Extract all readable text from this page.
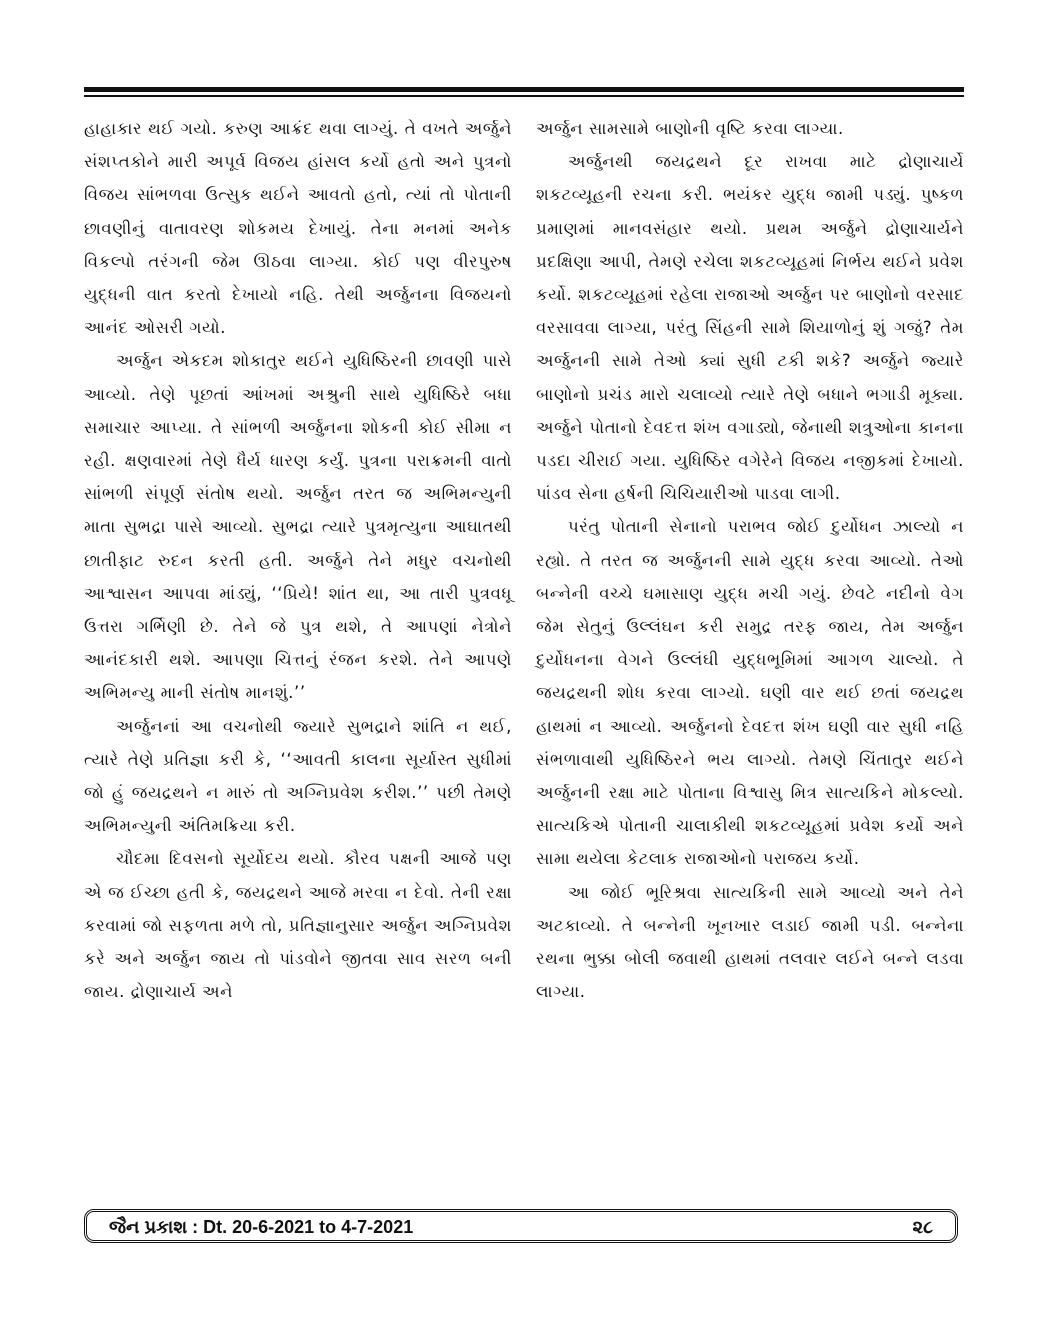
હાહાકાર થઈ ગયો. કરુણ આક્રંદ થવા લાગ્યું. તે વખતે અર્જુને સંશપ્તકોને મારી અપૂર્વ વિજય હાંસલ કર્યો હતો અને પુત્રનો વિજય સાંભળવા ઉત્સુક થઈને આવતો હતો, ત્યાં તો પોતાની છાવણીનું વાતાવરણ શોકમય દેખાયું. તેના મનમાં અનેક વિકલ્પો તરંગની જેમ ઊઠવા લાગ્યા. કોઈ પણ વીરપુરુષ યુદ્ધની વાત કરતો દેખાયો નહિ. તેથી અર્જુનના વિજયનો આનંદ ઓસરી ગયો.

અર્જુન એકદમ શોકાતુર થઈને યુધિષ્ઠિરની છાવણી પાસે આવ્યો. તેણે પૂછતાં આંખમાં અશ્રુની સાથે યુધિષ્ઠિરે બધા સમાચાર આપ્યા. તે સાંભળી અર્જુનના શોકની કોઈ સીમા ન રહી. ક્ષણવારમાં તેણે ધૈર્ય ધારણ કર્યું. પુત્રના પરાક્રમની વાતો સાંભળી સંપૂર્ણ સંતોષ થયો. અર્જુન તરત જ અભિમન્યુની માતા સુભદ્રા પાસે આવ્યો. સુભદ્રા ત્યારે પુત્રમૃત્યુના આઘાતથી છાતીફાટ રુદન કરતી હતી. અર્જુને તેને મધુર વચનોથી આશ્વાસન આપવા માંડ્યું, ‘‘પ્રિયે! શાંત થા, આ તારી પુત્રવધૂ ઉત્તરા ગર્ભિણી છે. તેને જે પુત્ર થશે, તે આપણાં નેત્રોને આનંદકારી થશે. આપણા ચિત્તનું રંજન કરશે. તેને આપણે અભિમન્યુ માની સંતોષ માનશું.’’

અર્જુનનાં આ વચનોથી જ્યારે સુભદ્રાને શાંતિ ન થઈ, ત્યારે તેણે પ્રતિજ્ઞા કરી કે, ‘‘આવતી કાલના સૂર્યાસ્ત સુધીમાં જો હું જયદ્રથને ન મારું તો અગ્નિપ્રવેશ કરીશ.’’ પછી તેમણે અભિમન્યુની અંતિમક્રિયા કરી.

ચૌદમા દિવસનો સૂર્યોદય થયો. કૌરવ પક્ષની આજે પણ એ જ ઈચ્છા હતી કે, જયદ્રથને આજે મરવા ન દેવો. તેની રક્ષા કરવામાં જો સફળતા મળે તો, પ્રતિજ્ઞાનુસાર અર્જુન અગ્નિપ્રવેશ કરે અને અર્જુન જાય તો પાંડવોને જીતવા સાવ સરળ બની જાય. દ્રોણાચાર્ય અને

અર્જુન સામસામે બાણોની વૃષ્ટિ કરવા લાગ્યા.

અર્જુનથી જયદ્રથને દૂર રાખવા માટે દ્રોણાચાર્યે શકટવ્યૂહની રચના કરી. ભયંકર યુદ્ધ જામી પડ્યું. પુષ્કળ પ્રમાણમાં માનવસંહાર થયો. પ્રથમ અર્જુને દ્રોણાચાર્યને પ્રદક્ષિણા આપી, તેમણે રચેલા શકટવ્યૂહમાં નિર્ભય થઈને પ્રવેશ કર્યો. શકટવ્યૂહમાં રહેલા રાજાઓ અર્જુન પર બાણોનો વરસાદ વરસાવવા લાગ્યા, પરંતુ સિંહની સામે શિયાળોનું શું ગજું? તેમ અર્જુનની સામે તેઓ ક્યાં સુધી ટકી શકે? અર્જુને જ્યારે બાણોનો પ્રચંડ મારો ચલાવ્યો ત્યારે તેણે બધાને ભગાડી મૂક્યા. અર્જુને પોતાનો દેવદત્ત શંખ વગાડ્યો, જેનાથી શત્રુઓના કાનના પડદા ચીરાઈ ગયા. યુધિષ્ઠિર વગેરેને વિજય નજીકમાં દેખાયો. પાંડવ સેના હર્ષની ચિચિયારીઓ પાડવા લાગી.

પરંતુ પોતાની સેનાનો પરાભવ જોઈ દુર્યોધન ઝાલ્યો ન રહ્યો. તે તરત જ અર્જુનની સામે યુદ્ધ કરવા આવ્યો. તેઓ બન્નેની વચ્ચે ઘમાસાણ યુદ્ધ મચી ગયું. છેવટે નદીનો વેગ જેમ સેતુનું ઉલ્લંઘન કરી સમુદ્ર તરફ જાય, તેમ અર્જુન દુર્યોધનના વેગને ઉલ્લંઘી યુદ્ધભૂમિમાં આગળ ચાલ્યો. તે જયદ્રથની શોધ કરવા લાગ્યો. ઘણી વાર થઈ છતાં જયદ્રથ હાથમાં ન આવ્યો. અર્જુનનો દેવદત્ત શંખ ઘણી વાર સુધી નહિ સંભળાવાથી યુધિષ્ઠિરને ભય લાગ્યો. તેમણે ચિંતાતુર થઈને અર્જુનની રક્ષા માટે પોતાના વિશ્વાસુ મિત્ર સાત્યકિને મોકલ્યો. સાત્યકિએ પોતાની ચાલાકીથી શકટવ્યૂહમાં પ્રવેશ કર્યો અને સામા થયેલા કેટલાક રાજાઓનો પરાજય કર્યો.

આ જોઈ ભૂરિશ્રવા સાત્યકિની સામે આવ્યો અને તેને અટકાવ્યો. તે બન્નેની ખૂનખાર લડાઈ જામી પડી. બન્નેના રથના ભુક્કા બોલી જવાથી હાથમાં તલવાર લઈને બન્ને લડવા લાગ્યા.

જૈન પ્રકાશ : Dt. 20-6-2021 to 4-7-2021	૨૮
